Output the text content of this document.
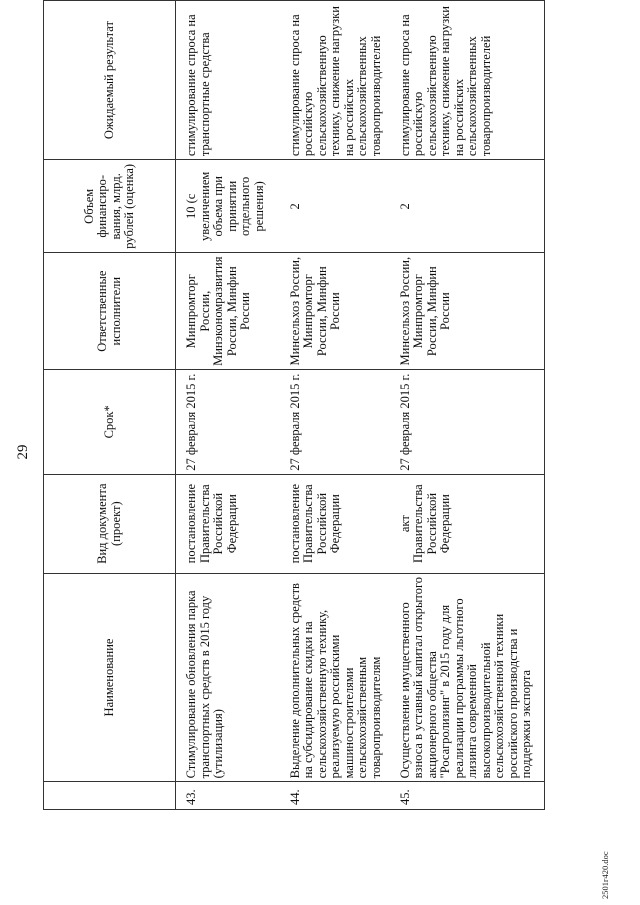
29
	Наименование	Вид документа (проект)	Срок*	Ответственные исполнители	Объем финансиро-вания, млрд. рублей (оценка)	Ожидаемый результат
43.	Стимулирование обновления парка транспортных средств в 2015 году (утилизация)	постановление Правительства Российской Федерации	27 февраля 2015 г.	Минпромторг России, Минэкономразвития России, Минфин России	10 (с увеличением объема при принятии отдельного решения)	стимулирование спроса на транспортные средства
44.	Выделение дополнительных средств на субсидирование скидки на сельскохозяйственную технику, реализуемую российскими машиностроителями сельскохозяйственным товаропроизводителям	постановление Правительства Российской Федерации	27 февраля 2015 г.	Минсельхоз России, Минпромторг России, Минфин России	2	стимулирование спроса на российскую сельскохозяйственную технику, снижение нагрузки на российских сельскохозяйственных товаропроизводителей
45.	Осуществление имущественного взноса в уставный капитал открытого акционерного общества "Росагролизинг" в 2015 году для реализации программы льготного лизинга современной высокопроизводительной сельскохозяйственной техники российского производства и поддержки экспорта	акт Правительства Российской Федерации	27 февраля 2015 г.	Минсельхоз России, Минпромторг России, Минфин России	2	стимулирование спроса на российскую сельскохозяйственную технику, снижение нагрузки на российских сельскохозяйственных товаропроизводителей
2501г420.doc
